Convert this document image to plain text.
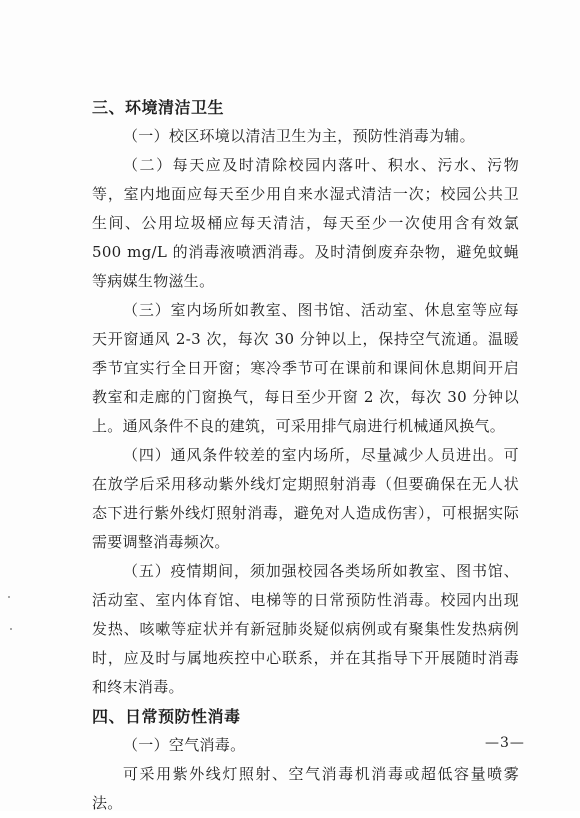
三、环境清洁卫生

（一）校区环境以清洁卫生为主，预防性消毒为辅。

（二）每天应及时清除校园内落叶、积水、污水、污物等，室内地面应每天至少用自来水湿式清洁一次；校园公共卫生间、公用垃圾桶应每天清洁，每天至少一次使用含有效氯 500 mg/L 的消毒液喷洒消毒。及时清倒废弃杂物，避免蚊蝇等病媒生物滋生。

（三）室内场所如教室、图书馆、活动室、休息室等应每天开窗通风 2-3 次，每次 30 分钟以上，保持空气流通。温暖季节宜实行全日开窗；寒冷季节可在课前和课间休息期间开启教室和走廊的门窗换气，每日至少开窗 2 次，每次 30 分钟以上。通风条件不良的建筑，可采用排气扇进行机械通风换气。

（四）通风条件较差的室内场所，尽量减少人员进出。可在放学后采用移动紫外线灯定期照射消毒（但要确保在无人状态下进行紫外线灯照射消毒，避免对人造成伤害），可根据实际需要调整消毒频次。

（五）疫情期间，须加强校园各类场所如教室、图书馆、活动室、室内体育馆、电梯等的日常预防性消毒。校园内出现发热、咳嗽等症状并有新冠肺炎疑似病例或有聚集性发热病例时，应及时与属地疾控中心联系，并在其指导下开展随时消毒和终末消毒。

四、日常预防性消毒

（一）空气消毒。

可采用紫外线灯照射、空气消毒机消毒或超低容量喷雾法。

—3—
